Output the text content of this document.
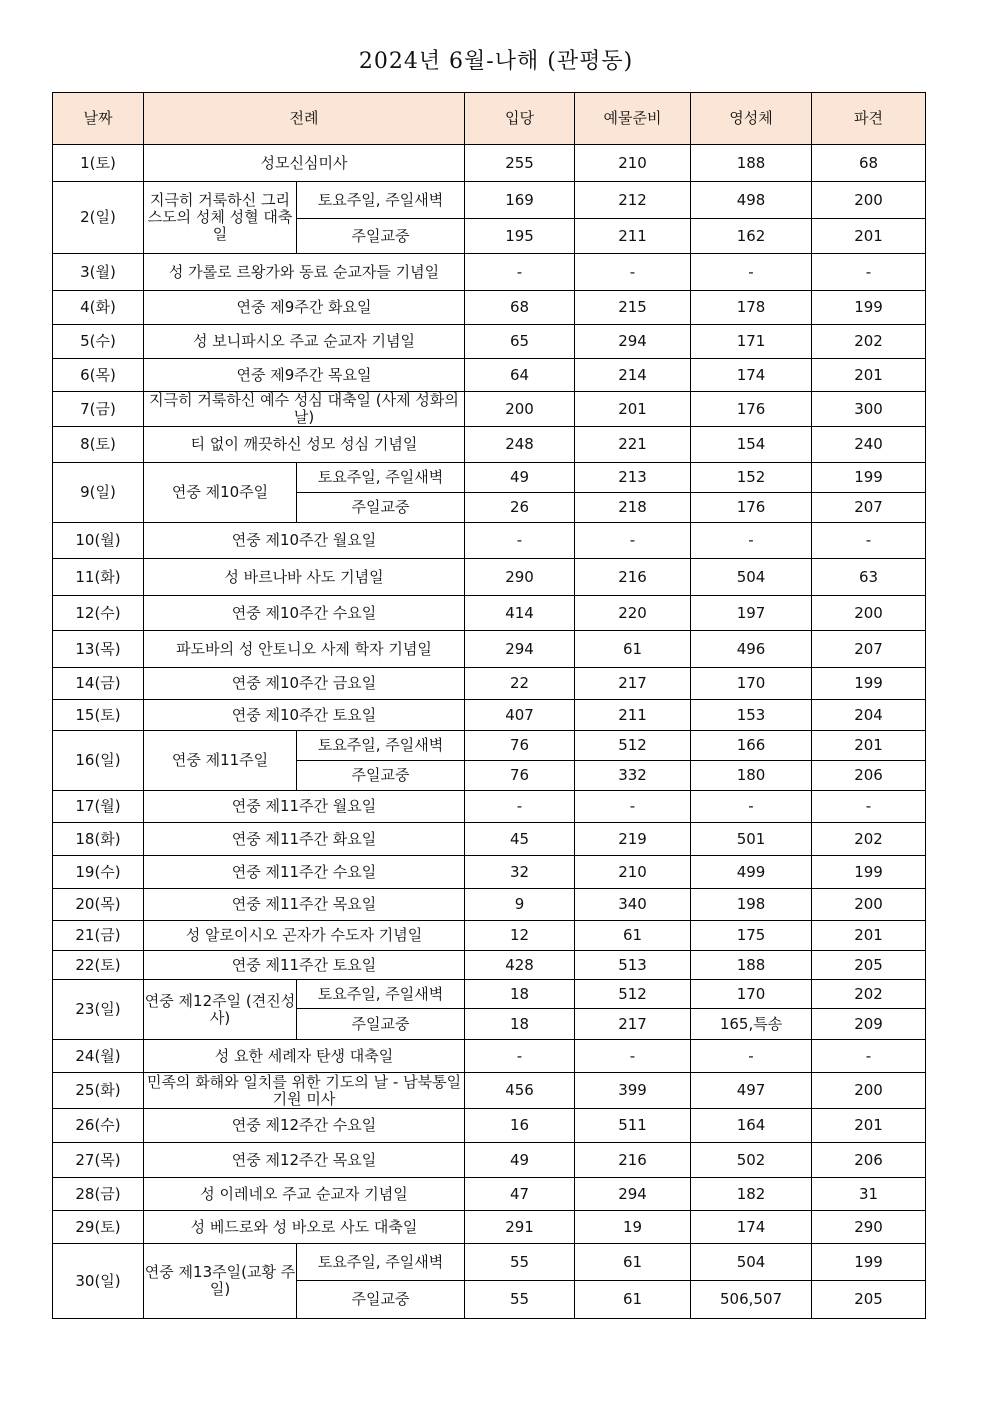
2024년 6월-나해 (관평동)
날짜	전례		입당	예물준비	영성체	파견
1(토)	성모신심미사		255	210	188	68
2(일)	지극히 거룩하신 그리스도의 성체 성혈 대축일	토요주일, 주일새벽	169	212	498	200
		주일교중	195	211	162	201
3(월)	성 가롤로 르왕가와 동료 순교자들 기념일		-	-	-	-
4(화)	연중 제9주간 화요일		68	215	178	199
5(수)	성 보니파시오 주교 순교자 기념일		65	294	171	202
6(목)	연중 제9주간 목요일		64	214	174	201
7(금)	지극히 거룩하신 예수 성심 대축일 (사제 성화의 날)		200	201	176	300
8(토)	티 없이 깨끗하신 성모 성심 기념일		248	221	154	240
9(일)	연중 제10주일	토요주일, 주일새벽	49	213	152	199
		주일교중	26	218	176	207
10(월)	연중 제10주간 월요일		-	-	-	-
11(화)	성 바르나바 사도 기념일		290	216	504	63
12(수)	연중 제10주간 수요일		414	220	197	200
13(목)	파도바의 성 안토니오 사제 학자 기념일		294	61	496	207
14(금)	연중 제10주간 금요일		22	217	170	199
15(토)	연중 제10주간 토요일		407	211	153	204
16(일)	연중 제11주일	토요주일, 주일새벽	76	512	166	201
		주일교중	76	332	180	206
17(월)	연중 제11주간 월요일		-	-	-	-
18(화)	연중 제11주간 화요일		45	219	501	202
19(수)	연중 제11주간 수요일		32	210	499	199
20(목)	연중 제11주간 목요일		9	340	198	200
21(금)	성 알로이시오 곤자가 수도자 기념일		12	61	175	201
22(토)	연중 제11주간 토요일		428	513	188	205
23(일)	연중 제12주일 (견진성사)	토요주일, 주일새벽	18	512	170	202
		주일교중	18	217	165,특송	209
24(월)	성 요한 세례자 탄생 대축일		-	-	-	-
25(화)	민족의 화해와 일치를 위한 기도의 날 - 남북통일 기원 미사		456	399	497	200
26(수)	연중 제12주간 수요일		16	511	164	201
27(목)	연중 제12주간 목요일		49	216	502	206
28(금)	성 이레네오 주교 순교자 기념일		47	294	182	31
29(토)	성 베드로와 성 바오로 사도 대축일		291	19	174	290
30(일)	연중 제13주일(교황 주일)	토요주일, 주일새벽	55	61	504	199
		주일교중	55	61	506,507	205
